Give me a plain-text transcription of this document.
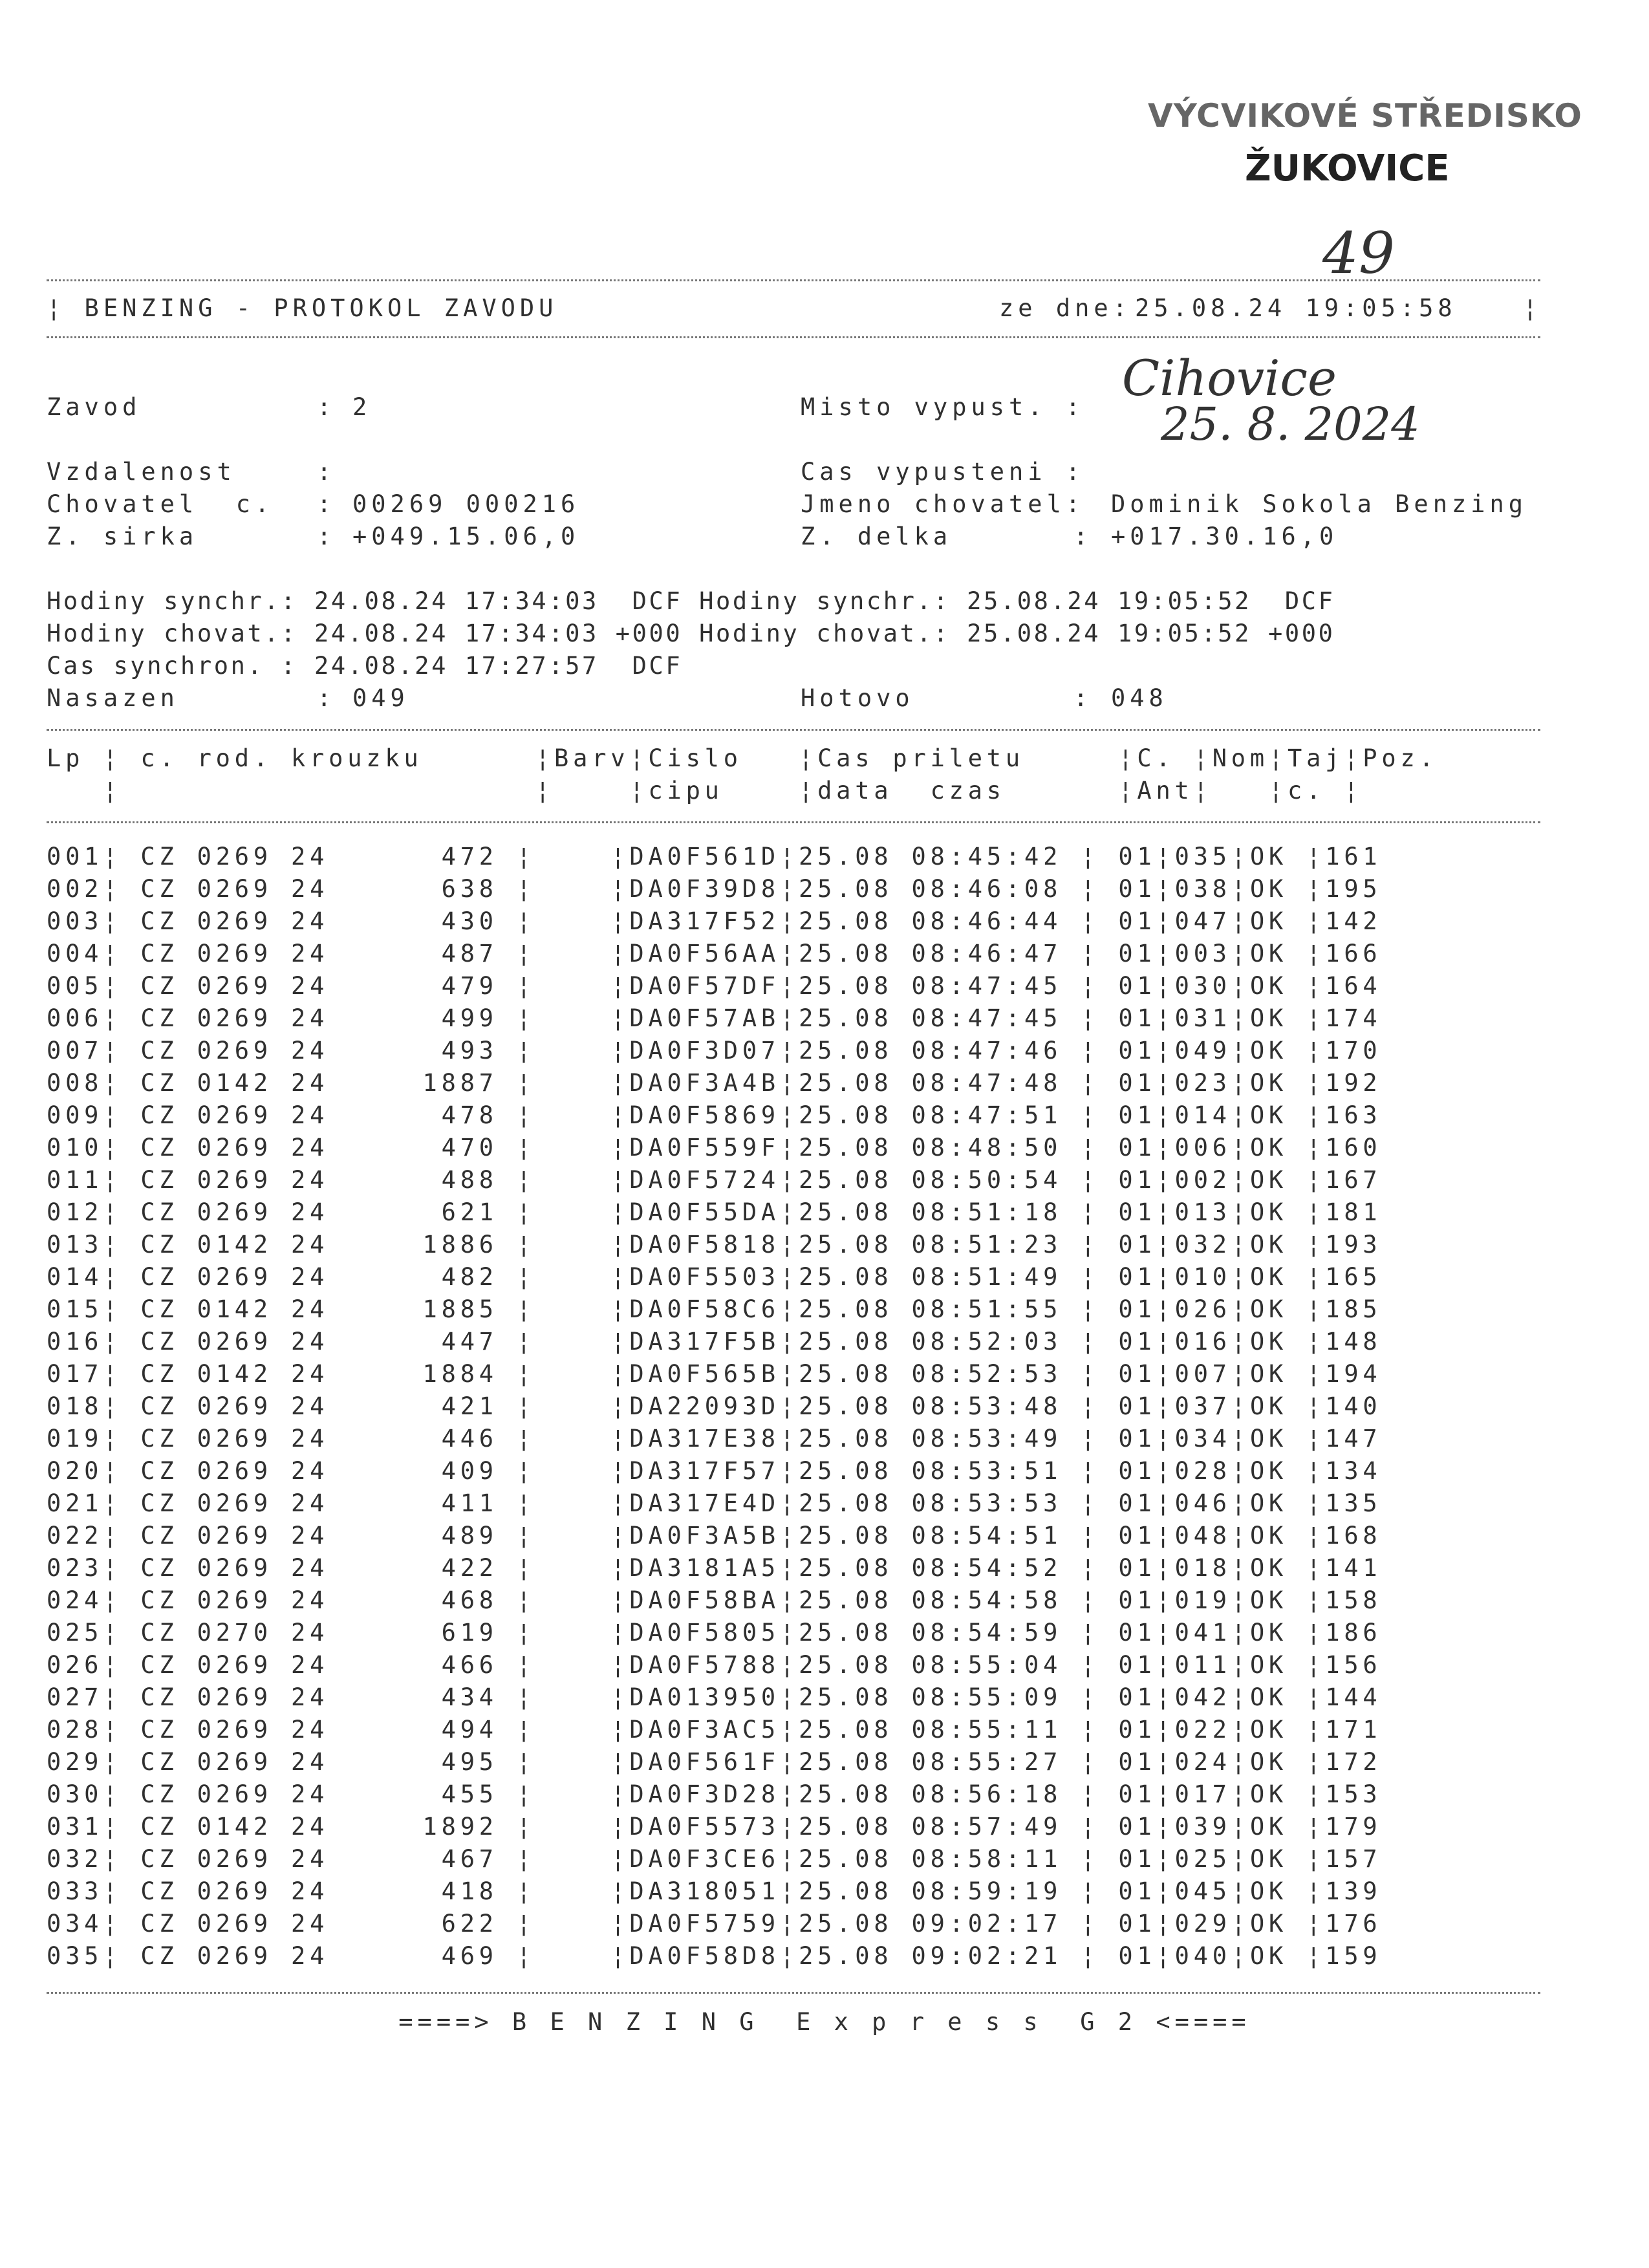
VÝCVIKOVÉ STŘEDISKO
ŽUKOVICE
49
¦ BENZING - PROTOKOL ZAVODU	ze dne: 25.08.24 19:05:58	¦
Cihovice
25. 8. 2024
Zavod	: 2	Misto vypust. :
Vzdalenost	:	Cas vypusteni :
Chovatel  c. : 00269 000216	Jmeno chovatel: Dominik Sokola Benzing
Z. sirka	: +049.15.06,0	Z. delka	: +017.30.16,0
Hodiny synchr.: 24.08.24 17:34:03  DCF Hodiny synchr.: 25.08.24 19:05:52  DCF
Hodiny chovat.: 24.08.24 17:34:03 +000 Hodiny chovat.: 25.08.24 19:05:52 +000
Cas synchron. : 24.08.24 17:27:57  DCF
Nasazen	: 049	Hotovo	: 048
Lp ¦ c. rod. krouzku      ¦Barv¦Cislo   ¦Cas priletu     ¦C. ¦Nom¦Taj¦Poz.
¦                      ¦    ¦cipu    ¦data  czas      ¦Ant¦   ¦c. ¦
001¦ CZ 0269 24      472 ¦    ¦DA0F561D¦25.08 08:45:42 ¦ 01¦035¦OK ¦161
002¦ CZ 0269 24      638 ¦    ¦DA0F39D8¦25.08 08:46:08 ¦ 01¦038¦OK ¦195
003¦ CZ 0269 24      430 ¦    ¦DA317F52¦25.08 08:46:44 ¦ 01¦047¦OK ¦142
004¦ CZ 0269 24      487 ¦    ¦DA0F56AA¦25.08 08:46:47 ¦ 01¦003¦OK ¦166
005¦ CZ 0269 24      479 ¦    ¦DA0F57DF¦25.08 08:47:45 ¦ 01¦030¦OK ¦164
006¦ CZ 0269 24      499 ¦    ¦DA0F57AB¦25.08 08:47:45 ¦ 01¦031¦OK ¦174
007¦ CZ 0269 24      493 ¦    ¦DA0F3D07¦25.08 08:47:46 ¦ 01¦049¦OK ¦170
008¦ CZ 0142 24     1887 ¦    ¦DA0F3A4B¦25.08 08:47:48 ¦ 01¦023¦OK ¦192
009¦ CZ 0269 24      478 ¦    ¦DA0F5869¦25.08 08:47:51 ¦ 01¦014¦OK ¦163
010¦ CZ 0269 24      470 ¦    ¦DA0F559F¦25.08 08:48:50 ¦ 01¦006¦OK ¦160
011¦ CZ 0269 24      488 ¦    ¦DA0F5724¦25.08 08:50:54 ¦ 01¦002¦OK ¦167
012¦ CZ 0269 24      621 ¦    ¦DA0F55DA¦25.08 08:51:18 ¦ 01¦013¦OK ¦181
013¦ CZ 0142 24     1886 ¦    ¦DA0F5818¦25.08 08:51:23 ¦ 01¦032¦OK ¦193
014¦ CZ 0269 24      482 ¦    ¦DA0F5503¦25.08 08:51:49 ¦ 01¦010¦OK ¦165
015¦ CZ 0142 24     1885 ¦    ¦DA0F58C6¦25.08 08:51:55 ¦ 01¦026¦OK ¦185
016¦ CZ 0269 24      447 ¦    ¦DA317F5B¦25.08 08:52:03 ¦ 01¦016¦OK ¦148
017¦ CZ 0142 24     1884 ¦    ¦DA0F565B¦25.08 08:52:53 ¦ 01¦007¦OK ¦194
018¦ CZ 0269 24      421 ¦    ¦DA22093D¦25.08 08:53:48 ¦ 01¦037¦OK ¦140
019¦ CZ 0269 24      446 ¦    ¦DA317E38¦25.08 08:53:49 ¦ 01¦034¦OK ¦147
020¦ CZ 0269 24      409 ¦    ¦DA317F57¦25.08 08:53:51 ¦ 01¦028¦OK ¦134
021¦ CZ 0269 24      411 ¦    ¦DA317E4D¦25.08 08:53:53 ¦ 01¦046¦OK ¦135
022¦ CZ 0269 24      489 ¦    ¦DA0F3A5B¦25.08 08:54:51 ¦ 01¦048¦OK ¦168
023¦ CZ 0269 24      422 ¦    ¦DA3181A5¦25.08 08:54:52 ¦ 01¦018¦OK ¦141
024¦ CZ 0269 24      468 ¦    ¦DA0F58BA¦25.08 08:54:58 ¦ 01¦019¦OK ¦158
025¦ CZ 0270 24      619 ¦    ¦DA0F5805¦25.08 08:54:59 ¦ 01¦041¦OK ¦186
026¦ CZ 0269 24      466 ¦    ¦DA0F5788¦25.08 08:55:04 ¦ 01¦011¦OK ¦156
027¦ CZ 0269 24      434 ¦    ¦DA013950¦25.08 08:55:09 ¦ 01¦042¦OK ¦144
028¦ CZ 0269 24      494 ¦    ¦DA0F3AC5¦25.08 08:55:11 ¦ 01¦022¦OK ¦171
029¦ CZ 0269 24      495 ¦    ¦DA0F561F¦25.08 08:55:27 ¦ 01¦024¦OK ¦172
030¦ CZ 0269 24      455 ¦    ¦DA0F3D28¦25.08 08:56:18 ¦ 01¦017¦OK ¦153
031¦ CZ 0142 24     1892 ¦    ¦DA0F5573¦25.08 08:57:49 ¦ 01¦039¦OK ¦179
032¦ CZ 0269 24      467 ¦    ¦DA0F3CE6¦25.08 08:58:11 ¦ 01¦025¦OK ¦157
033¦ CZ 0269 24      418 ¦    ¦DA318051¦25.08 08:59:19 ¦ 01¦045¦OK ¦139
034¦ CZ 0269 24      622 ¦    ¦DA0F5759¦25.08 09:02:17 ¦ 01¦029¦OK ¦176
035¦ CZ 0269 24      469 ¦    ¦DA0F58D8¦25.08 09:02:21 ¦ 01¦040¦OK ¦159
====> B E N Z I N G  E x p r e s s  G 2 <====
